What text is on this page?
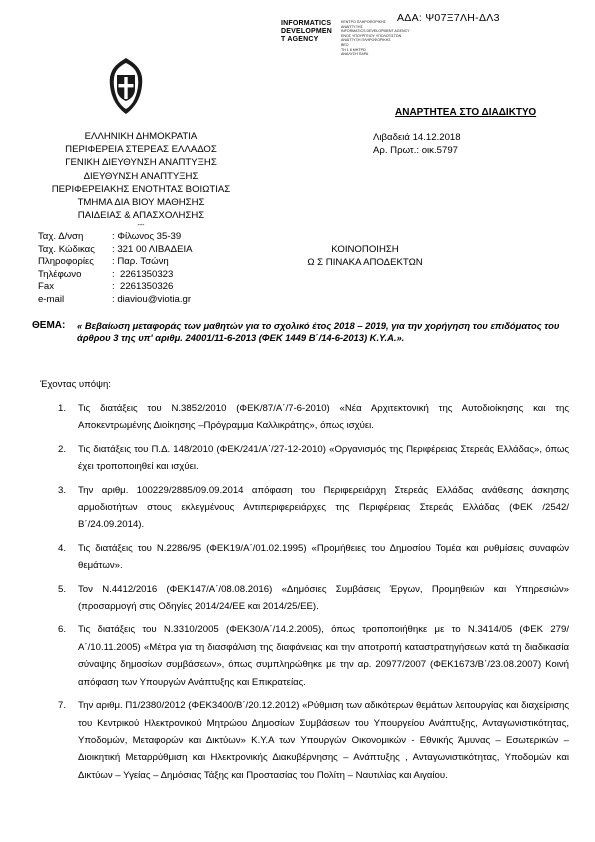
ΑΔΑ: Ψ07Ξ7ΛΗ-ΔΛ3
INFORMATICS
DEVELOPMEN
T AGENCY
ΚΕΝΤΡΟ ΠΛΗΡΟΦΟΡΙΚΗΣ
ΑΝΑΠΤΥΞΗΣ
INFORMATICS DEVELOPMENT AGENCY
ΕΝΟΣ ΥΠΟΥΡΓΕΙΟΥ ΥΠΟΛΟΓΙΣΤΩΝ
ΑΝΑΠΤΥΞΗ ΠΛΗΡΟΦΟΡΙΚΗΣ
ΒΕΟ
ΤΗ 1 8 ΜΗΤΡΩ
ΑΝΑΛΥΣΗ ΠΑΡΑ
ΑΝΑΡΤΗΤΕΑ ΣΤΟ ΔΙΑΔΙΚΤΥΟ
ΕΛΛΗΝΙΚΗ ΔΗΜΟΚΡΑΤΙΑ
ΠΕΡΙΦΕΡΕΙΑ ΣΤΕΡΕΑΣ ΕΛΛΑΔΟΣ
ΓΕΝΙΚΗ ΔΙΕΥΘΥΝΣΗ ΑΝΑΠΤΥΞΗΣ
ΔΙΕΥΘΥΝΣΗ ΑΝΑΠΤΥΞΗΣ
ΠΕΡΙΦΕΡΕΙΑΚΗΣ ΕΝΟΤΗΤΑΣ ΒΟΙΩΤΙΑΣ
ΤΜΗΜΑ ΔΙΑ ΒΙΟΥ ΜΑΘΗΣΗΣ
ΠΑΙΔΕΙΑΣ & ΑΠΑΣΧΟΛΗΣΗΣ
---
Λιβαδειά 14.12.2018
Αρ. Πρωτ.: οικ.5797
Ταχ. Δ/νση	: Φίλωνος 35-39
Ταχ. Κώδικας	: 321 00 ΛΙΒΑΔΕΙΑ
Πληροφορίες	: Παρ. Τσώνη
Τηλέφωνο	:  2261350323
Fax	:  2261350326
e-mail	: diaviou@viotia.gr
ΚΟΙΝΟΠΟΙΗΣΗ
Ω Σ ΠΙΝΑΚΑ ΑΠΟΔΕΚΤΩΝ
ΘΕΜΑ: « Βεβαίωση μεταφοράς των μαθητών για το σχολικό έτος 2018 – 2019, για την χορήγηση του επιδόματος του άρθρου 3 της υπ' αριθμ. 24001/11-6-2013 (ΦΕΚ 1449 Β΄/14-6-2013) Κ.Υ.Α.».
Έχοντας υπόψη:
1.	Τις διατάξεις του Ν.3852/2010 (ΦΕΚ/87/Α΄/7-6-2010) «Νέα Αρχιτεκτονική της Αυτοδιοίκησης και της Αποκεντρωμένης Διοίκησης –Πρόγραμμα Καλλικράτης», όπως ισχύει.
2.	Τις διατάξεις του Π.Δ. 148/2010 (ΦΕΚ/241/Α΄/27-12-2010) «Οργανισμός της Περιφέρειας Στερεάς Ελλάδας», όπως έχει τροποποιηθεί και ισχύει.
3.	Την αριθμ. 100229/2885/09.09.2014 απόφαση του Περιφερειάρχη Στερεάς Ελλάδας ανάθεσης άσκησης αρμοδιοτήτων στους εκλεγμένους Αντιπεριφερειάρχες της Περιφέρειας Στερεάς Ελλάδας (ΦΕΚ /2542/Β΄/24.09.2014).
4.	Τις διατάξεις του Ν.2286/95 (ΦΕΚ19/Α΄/01.02.1995) «Προμήθειες του Δημοσίου Τομέα και ρυθμίσεις συναφών θεμάτων».
5.	Τον Ν.4412/2016 (ΦΕΚ147/Α΄/08.08.2016) «Δημόσιες Συμβάσεις Έργων, Προμηθειών και Υπηρεσιών» (προσαρμογή στις Οδηγίες 2014/24/ΕΕ και 2014/25/ΕΕ).
6.	Τις διατάξεις του Ν.3310/2005 (ΦΕΚ30/Α΄/14.2.2005), όπως τροποποιήθηκε με το Ν.3414/05 (ΦΕΚ 279/Α΄/10.11.2005) «Μέτρα για τη διασφάλιση της διαφάνειας και την αποτροπή καταστρατηγήσεων κατά τη διαδικασία σύναψης δημοσίων συμβάσεων», όπως συμπληρώθηκε με την αρ. 20977/2007 (ΦΕΚ1673/Β΄/23.08.2007) Κοινή απόφαση των Υπουργών Ανάπτυξης και Επικρατείας.
7.	Την αριθμ. Π1/2380/2012 (ΦΕΚ3400/Β΄/20.12.2012) «Ρύθμιση των αδικότερων θεμάτων λειτουργίας και διαχείρισης του Κεντρικού Ηλεκτρονικού Μητρώου Δημοσίων Συμβάσεων του Υπουργείου Ανάπτυξης, Ανταγωνιστικότητας, Υποδομών, Μεταφορών και Δικτύων» Κ.Υ.Α των Υπουργών Οικονομικών - Εθνικής Άμυνας – Εσωτερικών – Διοικητική Μεταρρύθμιση και Ηλεκτρονικής Διακυβέρνησης – Ανάπτυξης , Ανταγωνιστικότητας, Υποδομών και Δικτύων – Υγείας – Δημόσιας Τάξης και Προστασίας του Πολίτη – Ναυτιλίας και Αιγαίου.
